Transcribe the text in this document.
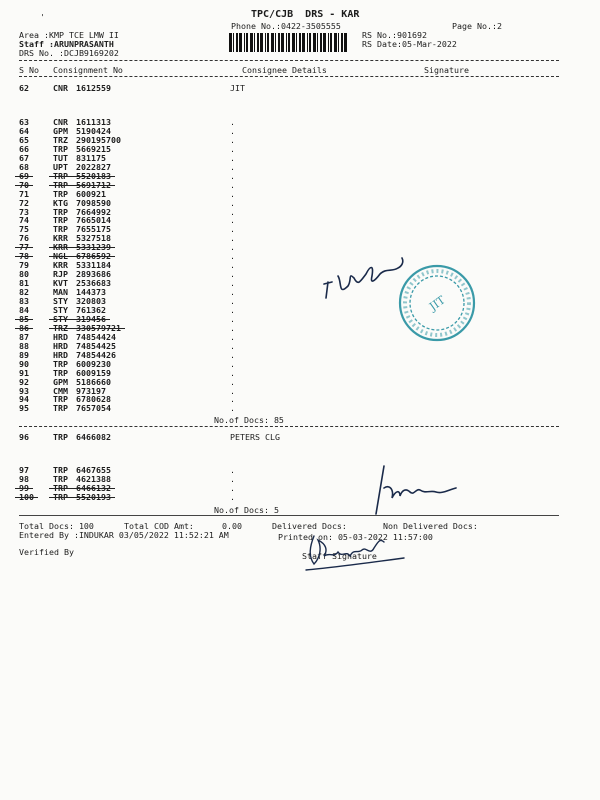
'	TPC/CJB  DRS - KAR
Phone No.:0422-3505555	Page No.:2
Area :KMP TCE LMW II
Staff :ARUNPRASANTH
DRS No. :DCJB9169202
RS No.:901692
RS Date:05-Mar-2022
S No Consignment No	Consignee Details	Signature
62	CNR 1612559	JIT
63	CNR 1611313	.
64	GPM 5190424	.
65	TRZ 290195700	.
66	TRP 5669215	.
67	TUT 831175	.
68	UPT 2022827	.
69	TRP 5520183	.
70	TRP 5691712	.
71	TRP 600921	.
72	KTG 7098590	.
73	TRP 7664992	.
74	TRP 7665014	.
75	TRP 7655175	.
76	KRR 5327518	.
77	KRR 5331239	.
78	NGL 6786592	.
79	KRR 5331184	.
80	RJP 2893686	.
81	KVT 2536683	.
82	MAN 144373	.
83	STY 320803	.
84	STY 761362	.
85	STY 319456	.
86	TRZ 330579721	.
87	HRD 74854424	.
88	HRD 74854425	.
89	HRD 74854426	.
90	TRP 6009230	.
91	TRP 6009159	.
92	GPM 5186660	.
93	CMM 973197	.
94	TRP 6780628	.
95	TRP 7657054	.
No.of Docs: 85
96	TRP 6466082	PETERS CLG
97	TRP 6467655	.
98	TRP 4621388	.
99	TRP 6466132	.
100 TRP 5520193	.
No.of Docs: 5
Total Docs: 100	Total COD Amt:	0.00	Delivered Docs:	Non Delivered Docs:
Entered By :INDUKAR 03/05/2022 11:52:21 AM	Printed on: 05-03-2022 11:57:00
Verified By	Staff Signature
JIT
